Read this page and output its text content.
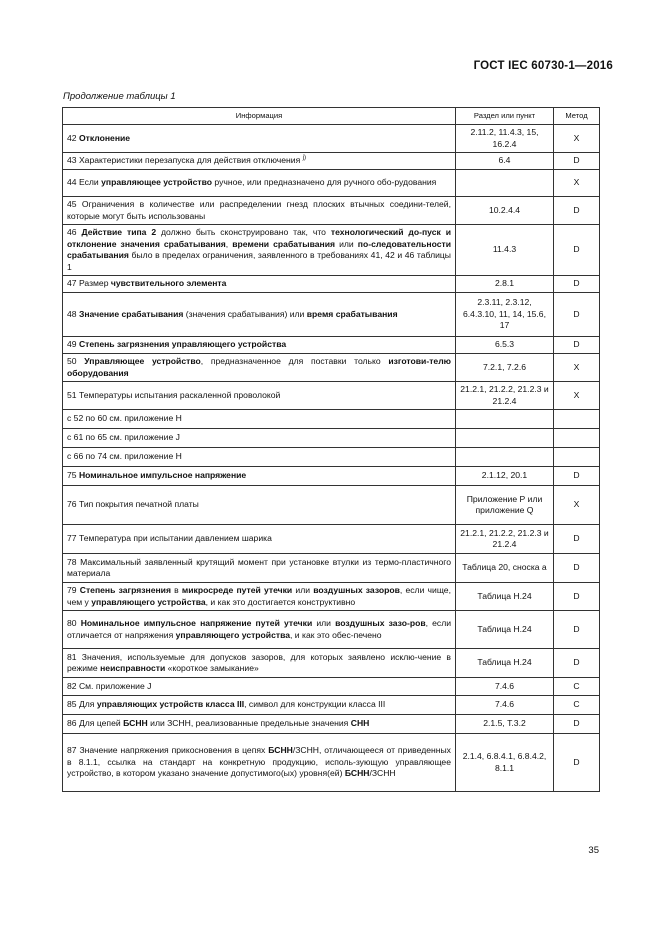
ГОСТ IEC 60730-1—2016
Продолжение таблицы 1
Информация	Раздел или пункт	Метод
42 Отклонение	2.11.2, 11.4.3, 15, 16.2.4	X
43 Характеристики перезапуска для действия отключения $^{j)}$	6.4	D
44 Если управляющее устройство ручное, или предназначено для ручного обо-рудования		X
45 Ограничения в количестве или распределении гнезд плоских втычных соедини-телей, которые могут быть использованы	10.2.4.4	D
46 Действие типа 2 должно быть сконструировано так, что технологический до-пуск и отклонение значения срабатывания, времени срабатывания или по-следовательности срабатывания было в пределах ограничения, заявленного в требованиях 41, 42 и 46 таблицы 1	11.4.3	D
47 Размер чувствительного элемента	2.8.1	D
48 Значение срабатывания (значения срабатывания) или время срабатывания	2.3.11, 2.3.12, 6.4.3.10, 11, 14, 15.6, 17	D
49 Степень загрязнения управляющего устройства	6.5.3	D
50 Управляющее устройство, предназначенное для поставки только изготови-телю оборудования	7.2.1, 7.2.6	X
51 Температуры испытания раскаленной проволокой	21.2.1, 21.2.2, 21.2.3 и 21.2.4	X
с 52 по 60 см. приложение Н		
с 61 по 65 см. приложение J		
с 66 по 74 см. приложение Н		
75 Номинальное импульсное напряжение	2.1.12, 20.1	D
76 Тип покрытия печатной платы	Приложение Р или приложение Q	X
77 Температура при испытании давлением шарика	21.2.1, 21.2.2, 21.2.3 и 21.2.4	D
78 Максимальный заявленный крутящий момент при установке втулки из термо-пластичного материала	Таблица 20, сноска а	D
79 Степень загрязнения в микросреде путей утечки или воздушных зазоров, если чище, чем у управляющего устройства, и как это достигается конструктивно	Таблица Н.24	D
80 Номинальное импульсное напряжение путей утечки или воздушных зазо-ров, если отличается от напряжения управляющего устройства, и как это обес-печено	Таблица Н.24	D
81 Значения, используемые для допусков зазоров, для которых заявлено исклю-чение в режиме неисправности «короткое замыкание»	Таблица Н.24	D
82 См. приложение J	7.4.6	C
85 Для управляющих устройств класса III, символ для конструкции класса III	7.4.6	C
86 Для цепей БСНН или ЗСНН, реализованные предельные значения СНН	2.1.5, Т.3.2	D
87 Значение напряжения прикосновения в цепях БСНН/ЗСНН, отличающееся от приведенных в 8.1.1, ссылка на стандарт на конкретную продукцию, исполь-зующую управляющее устройство, в котором указано значение допустимого(ых) уровня(ей) БСНН/ЗСНН	2.1.4, 6.8.4.1, 6.8.4.2, 8.1.1	D
35
